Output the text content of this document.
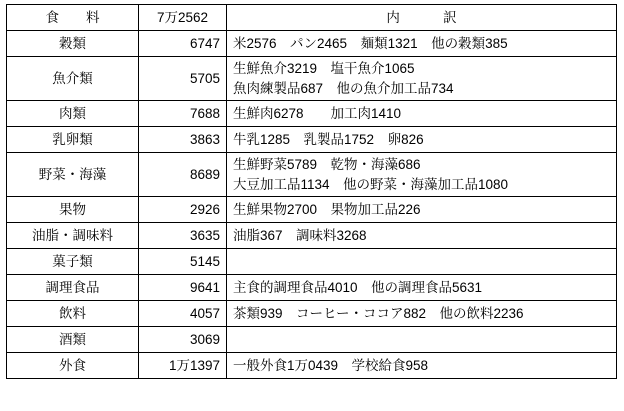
食　料	7万2562	内　　訳
穀類	6747	米2576　パン2465　麺類1321　他の穀類385

魚介類	5705	生鮮魚介3219　塩干魚介1065
魚肉練製品687　他の魚介加工品734

肉類	7688	生鮮肉6278　　加工肉1410

乳卵類	3863	牛乳1285　乳製品1752　卵826

野菜・海藻	8689	生鮮野菜5789　乾物・海藻686
大豆加工品1134　他の野菜・海藻加工品1080

果物	2926	生鮮果物2700　果物加工品226

油脂・調味料	3635	油脂367　調味料3268

菓子類	5145	

調理食品	9641	主食的調理食品4010　他の調理食品5631

飲料	4057	茶類939　コーヒー・ココア882　他の飲料2236

酒類	3069	

外食	1万1397	一般外食1万0439　学校給食958
